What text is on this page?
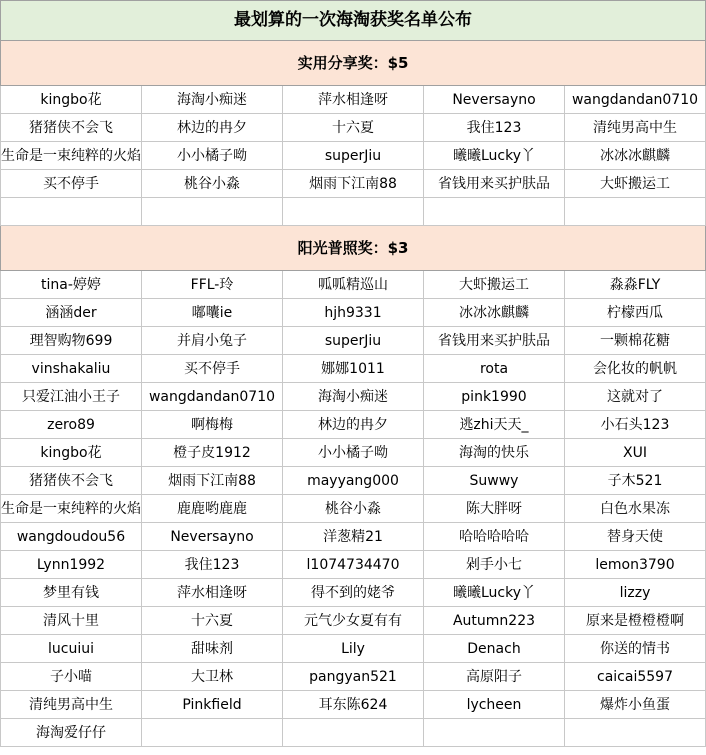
最划算的一次海淘获奖名单公布				
实用分享奖：$5				
kingbo花	海淘小痴迷	萍水相逢呀	Neversayno	wangdandan0710
猪猪侠不会飞	林边的冉夕	十六夏	我住123	清纯男高中生
生命是一束纯粹的火焰	小小橘子呦	superJiu	曦曦Lucky丫	冰冰冰麒麟
买不停手	桃谷小淼	烟雨下江南88	省钱用来买护肤品	大虾搬运工

阳光普照奖：$3				
tina-婷婷	FFL-玲	呱呱精巡山	大虾搬运工	淼淼FLY
涵涵der	嘟囔ie	hjh9331	冰冰冰麒麟	柠檬西瓜
理智购物699	并肩小兔子	superJiu	省钱用来买护肤品	一颗棉花糖
vinshakaliu	买不停手	娜娜1011	rota	会化妆的帆帆
只爱江油小王子	wangdandan0710	海淘小痴迷	pink1990	这就对了
zero89	啊梅梅	林边的冉夕	逃zhi天天_	小石头123
kingbo花	橙子皮1912	小小橘子呦	海淘的快乐	XUI
猪猪侠不会飞	烟雨下江南88	mayyang000	Suwwy	子木521
生命是一束纯粹的火焰	鹿鹿哟鹿鹿	桃谷小淼	陈大胖呀	白色水果冻
wangdoudou56	Neversayno	洋葱精21	哈哈哈哈哈	替身天使
Lynn1992	我住123	l1074734470	剁手小七	lemon3790
梦里有钱	萍水相逢呀	得不到的姥爷	曦曦Lucky丫	lizzy
清风十里	十六夏	元气少女夏有有	Autumn223	原来是橙橙橙啊
lucuiui	甜味剂	Lily	Denach	你送的情书
子小喵	大卫林	pangyan521	高原阳子	caicai5597
清纯男高中生	Pinkfield	耳东陈624	lycheen	爆炸小鱼蛋
海淘爱仔仔				
